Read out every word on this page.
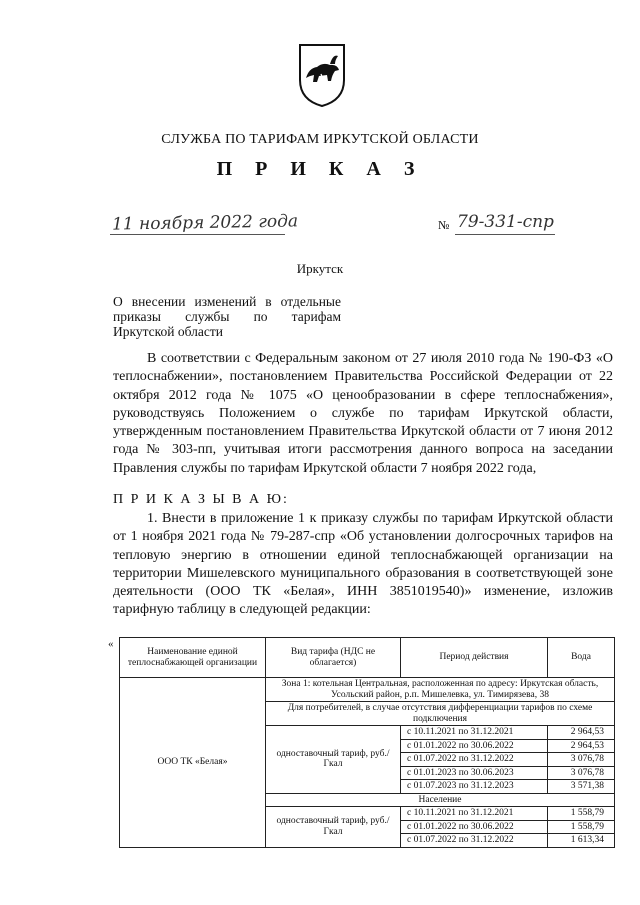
СЛУЖБА ПО ТАРИФАМ ИРКУТСКОЙ ОБЛАСТИ
П Р И К А З
11 ноября 2022 года	№ 79-331-спр
Иркутск
О внесении изменений в отдельные приказы службы по тарифам Иркутской области
В соответствии с Федеральным законом от 27 июля 2010 года № 190-ФЗ «О теплоснабжении», постановлением Правительства Российской Федерации от 22 октября 2012 года № 1075 «О ценообразовании в сфере теплоснабжения», руководствуясь Положением о службе по тарифам Иркутской области, утвержденным постановлением Правительства Иркутской области от 7 июня 2012 года № 303-пп, учитывая итоги рассмотрения данного вопроса на заседании Правления службы по тарифам Иркутской области 7 ноября 2022 года,
П Р И К А З Ы В А Ю:
1. Внести в приложение 1 к приказу службы по тарифам Иркутской области от 1 ноября 2021 года № 79-287-спр «Об установлении долгосрочных тарифов на тепловую энергию в отношении единой теплоснабжающей организации на территории Мишелевского муниципального образования в соответствующей зоне деятельности (ООО ТК «Белая», ИНН 3851019540)» изменение, изложив тарифную таблицу в следующей редакции:
«
Наименование единой теплоснабжающей организации	Вид тарифа (НДС не облагается)	Период действия	Вода
ООО ТК «Белая»	Зона 1: котельная Центральная, расположенная по адресу: Иркутская область, Усольский район, р.п. Мишелевка, ул. Тимирязева, 38		
	Для потребителей, в случае отсутствия дифференциации тарифов по схеме подключения		
	одноставочный тариф, руб./Гкал	с 10.11.2021 по 31.12.2021	2 964,53
		с 01.01.2022 по 30.06.2022	2 964,53
		с 01.07.2022 по 31.12.2022	3 076,78
		с 01.01.2023 по 30.06.2023	3 076,78
		с 01.07.2023 по 31.12.2023	3 571,38
	Население		
	одноставочный тариф, руб./Гкал	с 10.11.2021 по 31.12.2021	1 558,79
		с 01.01.2022 по 30.06.2022	1 558,79
		с 01.07.2022 по 31.12.2022	1 613,34
